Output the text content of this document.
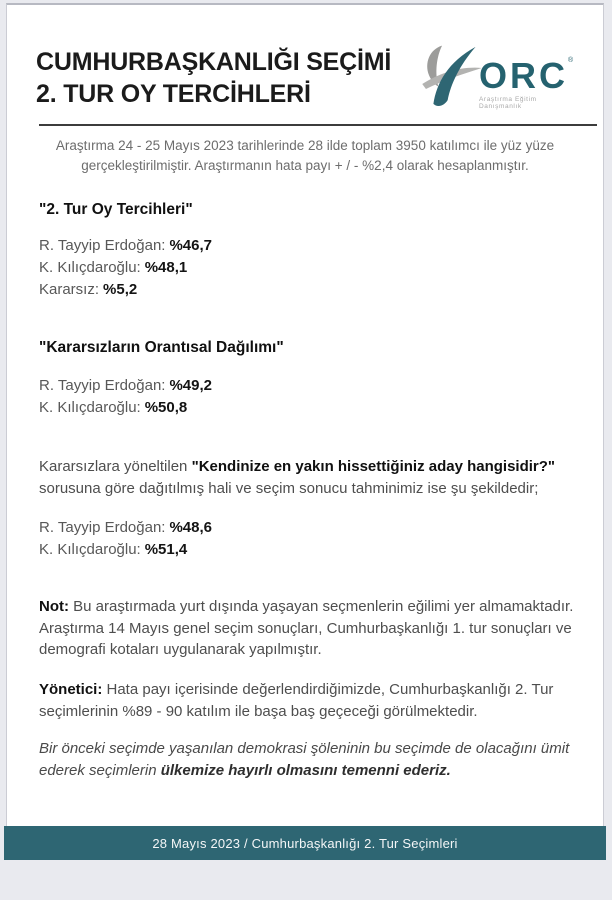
CUMHURBAŞKANLIĞI SEÇİMİ
2. TUR OY TERCİHLERİ	ORC®
Araştırma Eğitim Danışmanlık
Araştırma 24 - 25 Mayıs 2023 tarihlerinde 28 ilde toplam 3950 katılımcı ile yüz yüze gerçekleştirilmiştir. Araştırmanın hata payı + / - %2,4 olarak hesaplanmıştır.
"2. Tur Oy Tercihleri"
R. Tayyip Erdoğan: %46,7
K. Kılıçdaroğlu: %48,1
Kararsız: %5,2
"Kararsızların Orantısal Dağılımı"
R. Tayyip Erdoğan: %49,2
K. Kılıçdaroğlu: %50,8
Kararsızlara yöneltilen "Kendinize en yakın hissettiğiniz aday hangisidir?" sorusuna göre dağıtılmış hali ve seçim sonucu tahminimiz ise şu şekildedir;
R. Tayyip Erdoğan: %48,6
K. Kılıçdaroğlu: %51,4
Not: Bu araştırmada yurt dışında yaşayan seçmenlerin eğilimi yer almamaktadır. Araştırma 14 Mayıs genel seçim sonuçları, Cumhurbaşkanlığı 1. tur sonuçları ve demografi kotaları uygulanarak yapılmıştır.
Yönetici: Hata payı içerisinde değerlendirdiğimizde, Cumhurbaşkanlığı 2. Tur seçimlerinin %89 - 90 katılım ile başa baş geçeceği görülmektedir.
Bir önceki seçimde yaşanılan demokrasi şöleninin bu seçimde de olacağını ümit ederek seçimlerin ülkemize hayırlı olmasını temenni ederiz.
28 Mayıs 2023 / Cumhurbaşkanlığı 2. Tur Seçimleri
